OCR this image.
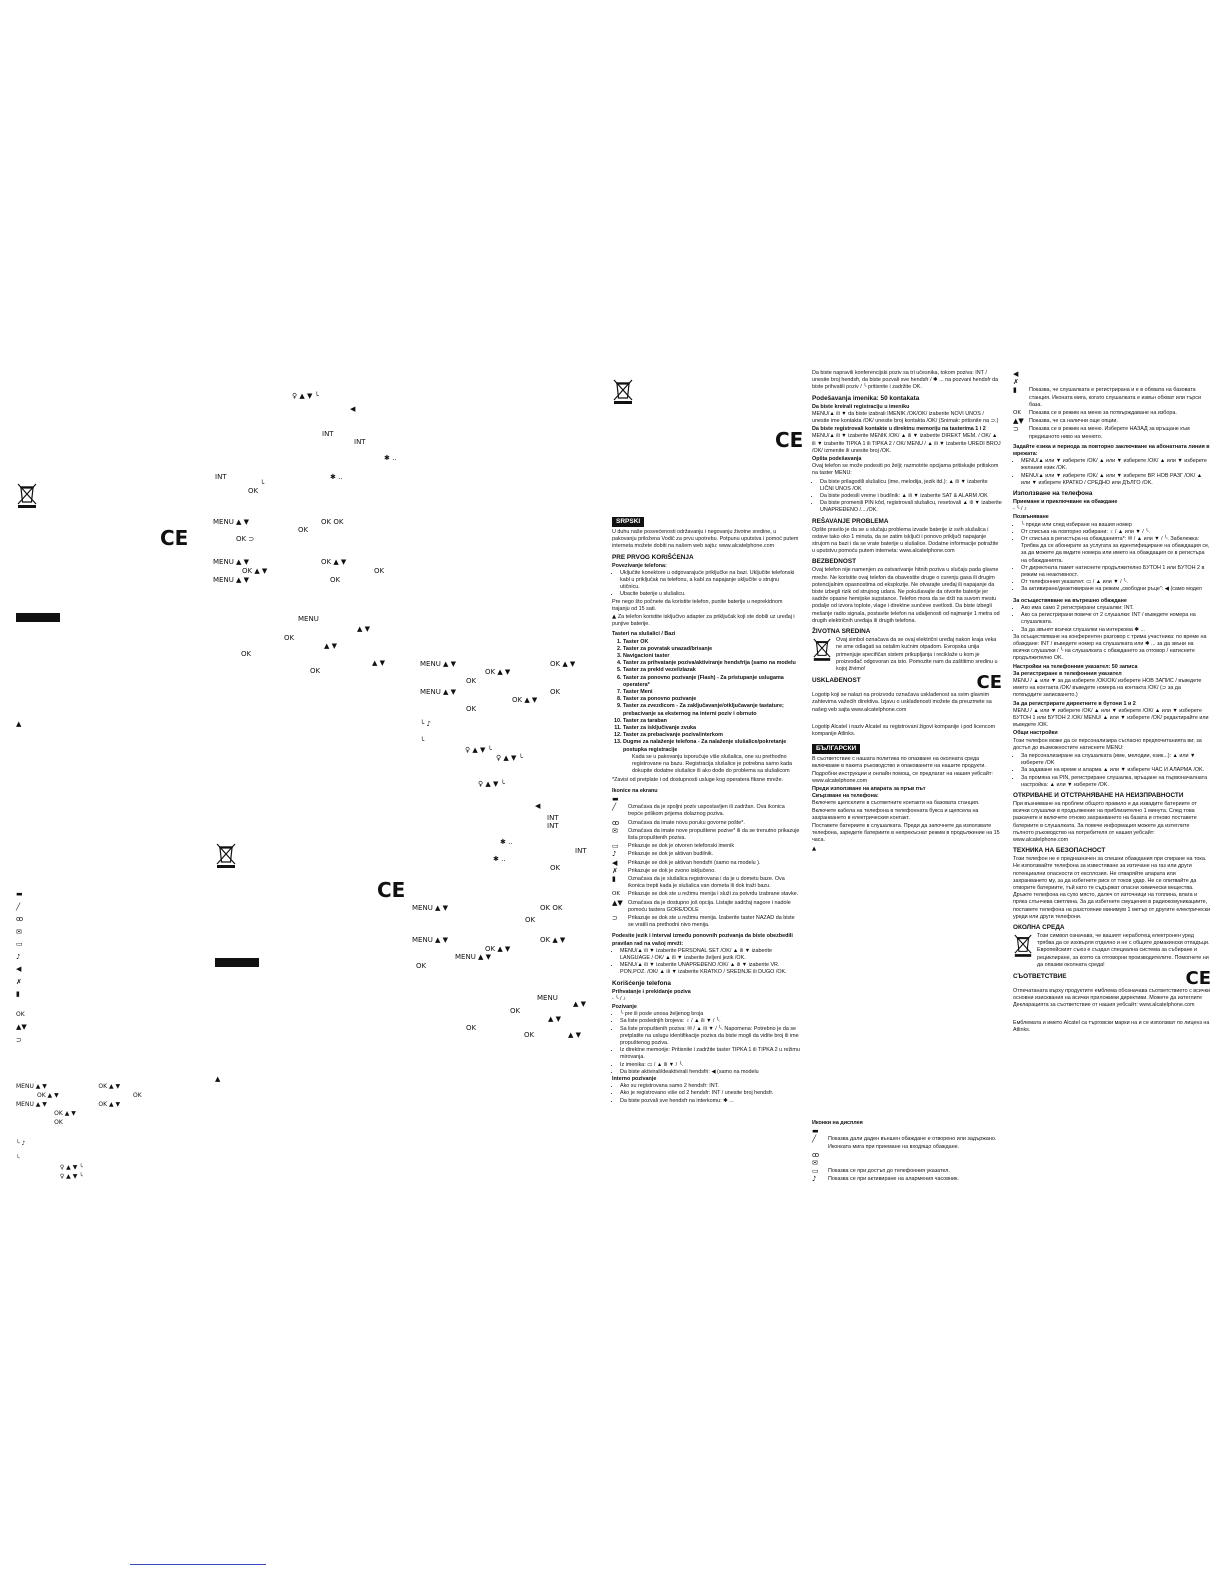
♀ ▲ ▼ ╰
◀
INT
INT
✱ ..
INT
╰
✱ ..
OK
CE
MENU ▲ ▼	OK OK
OK ⊃
OK
MENU ▲ ▼	OK ▲ ▼
OK ▲ ▼	OK
MENU ▲ ▼	OK
MENU
▲ ▼
OK
OK
▲ ▼
▲ ▼
OK
▲
MENU ▲ ▼
OK ▲ ▼
OK ▲ ▼
OK
MENU ▲ ▼
OK ▲ ▼
OK
OK
╰ ♪
╰
♀ ▲ ▼ ╰
♀ ▲ ▼ ╰
♀ ▲ ▼ ╰
◀
INT
INT
✱ ..
INT
✱ ..
OK
CE
MENU ▲ ▼	OK OK
OK
MENU ▲ ▼	OK ▲ ▼
MENU ▲ ▼
OK ▲ ▼
OK
▬
╱
ꝏ
✉
▭
♪
◀
✗
▮
OK
▲▼
⊃
MENU
OK
▲ ▼
OK
▲ ▼
OK	▲ ▼
▲
MENU ▲ ▼                           OK ▲ ▼
OK ▲ ▼                                       OK
MENU ▲ ▼                           OK ▲ ▼
OK ▲ ▼
OK
╰ ♪
╰
♀ ▲ ▼ ╰
♀ ▲ ▼ ╰
CE
SRPSKI

U duhu naše posvećenosti održavanju i negovanju životne sredine, u pakovanju priložena Vodič za prvu upotrebu. Potpunu uputstva i pomoć putem interneta možete dobiti na našem web sajtu: www.alcatelphone.com

PRE PRVOG KORIŠĆENJA
Povezivanje telefona:
• Uključite konektore u odgovarajuće priključke na bazi. Uključite telefonski kabl u priključak na telefonu, a kabl za napajanje uključite u strujnu utičnicu.
• Ubacite baterije u slušalicu.

Pre nego što počnete da koristite telefon, punite baterije u neprekidnom trajanju od 15 sati.

▲ Za telefon koristite isključivo adapter za priključak koji ste dobili uz uređaj i punjive baterije.

Tasteri na slušalici / Bazi
1. Taster OK
2. Taster za povratak unazad/brisanje
3. Navigacioni taster
4. Taster za prihvatanje poziva/aktiviranje hendsfrija (samo na modelu
5. Taster za prekid veze/izlazak
6. Taster za ponovno pozivanje (Flash) - Za pristupanje uslugama operatera*
7. Taster Meni
8. Taster za ponovno pozivanje
9. Taster za zvezdicom - Za zaključavanje/otključavanje tastature; prebacivanje sa eksternog na interni poziv i obrnuto
10. Taster za taraban
11. Taster za isključivanje zvuka
12. Taster za prebacivanje poziva/interkom
13. Dugme za nalaženje telefona - Za nalaženje slušalice/pokretanje postupka registracije

Kada se u pakovanju isporučuje više slušalica, one su prethodno registrovane na bazu. Registracija slušalice je potrebna samo kada dokupite dodatne slušalice ili ako dođe do problema sa slušalicom

*Zavisi od pretplate i od dostupnosti usluge kog operatera fiksne mreže.

Ikonice na ekranu
▬
╱	Označava da je spoljni poziv uspostavljen ili zadržan. Ova ikonica trepće prilikom prijema dolaznog poziva.
ꝏ	Označava da imate novu poruku govorne pošte*.
✉	Označava da imate nove propuštene pozive* ili da se trenutno prikazuje lista propuštenih poziva.
▭	Prikazuje se dok je otvoren telefonski imenik
♪	Prikazuje se dok je aktivan budilnik.
◀	Prikazuje se dok je aktivan hendsfri (samo na modelu ).
✗	Prikazuje se dok je zvono isključeno.
▮	Označava da je slušalica registrovana i da je u dometu baze. Ova ikonica trepti kada je slušalica van dometa ili dok traži bazu.
OK	Prikazuje se dok ste u režimu menija i služi za potvrdu izabrane stavke.
▲▼ Označava da je dostupno još opcija. Listajte sadržaj nagore i nadole pomoću tastera GORE/DOLE
⊃	Prikazuje se dok ste u režimu menija. Izaberite taster NAZAD da biste se vratili na prethodni nivo menija.
Podesite jezik i interval između ponovnih pozivanja da biste obezbedili pravilan rad na vašoj mreži:
• MENU/▲ ili ▼ izaberite PERSONAL SET /OK/ ▲ ili ▼ izaberite LANGUAGE / OK/ ▲ ili ▼ izaberite željeni jezik /OK.
• MENU/▲ ili ▼ izaberite UNAPREĐENO /OK/ ▲ ili ▼ izaberite VR. PON.POZ. /OK/ ▲ ili ▼ izaberite KRATKO / SREDNJE ili DUGO /OK.
Korišćenje telefona
Prihvatanje i prekidanje poziva

- ╰ / ♪

Pozivanje
• ╰ pre ili posle unosa željenog broja
• Sa liste poslednjih brojeva: ♀ / ▲ ili ▼ / ╰.
• Sa liste propuštenih poziva: ✉ / ▲ ili ▼ / ╰. Napomena: Potrebno je da se pretplatite na uslugu identifikacije poziva da biste mogli da vidite broj ili ime propuštenog poziva.
• Iz direktne memorije: Pritisnite i zadržite taster TIPKA 1 ili TIPKA 2 u režimu mirovanja.
• Iz imenika: ▭ / ▲ ili ▼ / ╰.
• Da biste aktivirali/deaktivirali hendsfri: ◀ (samo na modelu
Interno pozivanje
• Ako su registrovana samo 2 hendsfr: INT.
• Ako je registrovano više od 2 hendsfr: INT / unesite broj hendsfr.
• Da biste pozvali sve hendsfr na interkomu: ✱ ...

Da biste napravili konferencijski poziv sa tri učesnika, tokom poziva: INT / unesite broj hendsfr, da biste pozvali sve hendsfr / ✱ ... na pozvani hendsfr da biste prihvatili poziv / ╰ pritisnite i zadržite OK.

Podešavanja imenika: 50 kontakata
Da biste kreirali registraciju u imeniku

MENU/▲ ili ▼ da biste izabrali IMENIK /OK/OK/ izaberite NOVI UNOS / unesite ime kontakta /OK/ unesite broj kontakta /OK/ (Snimak: pritisnite na ⊃.)

Da biste registrovali kontakte u direktnu memoriju na tasterima 1 i 2

MENU/▲ ili ▼ izaberite MENIK /OK/ ▲ ili ▼ izaberite DIREKT MEM. / OK/ ▲ ili ▼ izaberite TIPKA 1 ili TIPKA 2 / OK/ MENU / ▲ ili ▼ izaberite UREDI BROJ /OK/ izmenite ili unesite broj /OK.

Opšta podešavanja

Ovaj telefon se može podesiti po želji; razmotrite opcijama pritiskajte pritiskom na taster MENU:

• Da biste prilagodili slušalicu (ime, melodija, jezik itd.): ▲ ili ▼ izaberite LIČNI UNOS /OK
• Da biste podesili vreme i budilnik: ▲ ili ▼ izaberite SAT & ALARM /OK
• Da biste promenili PIN kôd, registrovali slušalicu, resetovali ▲ ili ▼ izaberite UNAPREĐENO /..../OK.
REŠAVANJE PROBLEMA

Opšte pravilo je da se u slučaju problema izvade baterije iz svih slušalica i ostave tako oko 1 minuta, da se zatim isključi i ponovo priključi napajanje strujom na bazi i da se vrate baterije u slušalice. Dodatne informacije potražite u uputstvu pomoću putem interneta: www.alcatelphone.com

BEZBEDNOST

Ovaj telefon nije namenjen za ostvarivanje hitnih poziva u slučaju pada glavne mreže. Ne koristite ovaj telefon da obavestite druge o curenju gasa ili drugim potencijalnim opasnostima od eksplozije. Ne otvarajte uređaj ili napajanje da biste izbegli rizik od strujnog udara. Ne pokušavajte da otvorite baterije jer sadrže opasne hemijske supstance. Telefon mora da se drži na suvom mestu podalje od izvora toplote, vlage i direktne sunčeve svetlosti. Da biste izbegli mešanje radio signala, postavite telefon na udaljenosti od najmanje 1 metra od drugih električnih uređaja ili drugih telefona.

ŽIVOTNA SREDINA

Ovaj simbol označava da se ovaj električni uređaj nakon kraja veka ne sme odlagati sa ostalim kućnim otpadom. Evropska unija primenjuje specifičan sistem prikupljanja i reciklaže u kom je proizvođač odgovoran za isto. Pomozite nam da zaštitimo sredinu u kojoj živimo!

USKLAĐENOST	CE

Logotip koji se nalazi na proizvodu označava usklađenost sa svim glavnim zahtevima važećih direktiva. Izjavu o usklađenosti možete da preuzmete sa našeg veb sajta www.alcatelphone.com

Logotip Alcatel i naziv Alcatel su registrovani žigovi kompanije i pod licencom kompanije Atlinks.

БЪЛГАРСКИ

В съответствие с нашата политика по опазване на околната среда включваме в пакета ръководство и опакованите на нашите продукти. Подробни инструкции и онлайн помощ, се предлагат на нашия уебсайт: www.alcatelphone.com

Преди използване на апарата за пръв път
Свързване на телефона:

Включете щепселите в съответните контакти на базовата станция. Включете кабела на телефона в телефонната букса и щепсела на захранването в електрическия контакт.

Поставете батериите в слушалката. Преди да започнете да използвате телефона, заредете батериите в непрекъснат режим в продължение на 15 часа.

▲

Иконки на дисплея
▬
╱	Показва дали даден външен обаждане е отворено или задържано. Иконката мига при приемане на входящо обаждане.
ꝏ
✉
▭	Показва се при достъп до телефонния указател.
♪	Показва се при активиране на алармения часовник.
◀
✗
▮	Показва, че слушалката е регистрирана и е в обхвата на базовата станция. Иконата мига, когато слушалката е извън обхват или търси база.
OK	Показва се в режим на меню за потвърждаване на избора.
▲▼ Показва, че са налични още опции.
⊃	Показва се в режим на меню. Изберете НАЗАД за връщане към предишното ниво на менюто.
Задайте езика и периода за повторно заключване на абонатната линия в мрежата:
• MENU/▲ или ▼ изберете /OK/ ▲ или ▼ изберете /OK/ ▲ или ▼ изберете желания език /OK.
• MENU/▲ или ▼ изберете /OK/ ▲ или ▼ изберете ВР. НОВ РАЗГ /OK/ ▲ или ▼ изберете КРАТКО / СРЕДНО или ДЪЛГО /OK.
Използване на телефона
Приемане и приключване на обаждане

- ╰ / ♪

Позвъняване
• ╰ преди или след избиране на вашия номер
• От списъка на повторно избирани: ♀ / ▲ или ▼ / ╰.
• От списъка в регистъра на обажданията*: ✉ / ▲ или ▼ / ╰. Забележка: Трябва да се абонирате за услугата за идентифициране на обаждащия се, за да можете да видите номера или името на обаждащия се в регистъра на обажданията.
• От директната памет натиснете продължително БУТОН 1 или БУТОН 2 в режим на неактивност.
• От телефонния указател: ▭ / ▲ или ▼ / ╰.
• За активиране/деактивиране на режим „свободни ръце": ◀ (само модел
За осъществяване на вътрешно обаждане
• Ако има само 2 регистрирани слушалки: INT.
• Ако са регистрирани повече от 2 слушалки: INT / въведете номера на слушалката.
• За да звънят всички слушалки на интеркома ✱ ...

За осъществяване на конферентен разговор с трима участника: по време на обаждане: INT / въведете номер на слушалката или ✱ ... за да звъни на всички слушалки / ╰ на слушалката с обаждането за отговор / натиснете продължително OK.

Настройки на телефонния указател: 50 записа
За регистриране в телефонния указател

MENU / ▲ или ▼ за да изберете /OK/OK/ изберете НОВ ЗАПИС / въведете името на контакта /OK/ въведете номера на контакта /OK/ (⊃ за да потвърдите записването.)

За да регистрирате директните в бутони 1 и 2

MENU / ▲ или ▼ изберете /OK/ ▲ или ▼ изберете /OK/ ▲ или ▼ изберете БУТОН 1 или БУТОН 2 /OK/ MENU/ ▲ или ▼ изберете /OK/ редактирайте или въведете /OK.

Общи настройки

Този телефон може да се персонализира съгласно предпочитанията ви; за достъп до възможностите натиснете MENU:

• За персонализиране на слушалката (име, мелодии, език...): ▲ или ▼ изберете /OK
• За задаване на време и аларма ▲ или ▼ изберете ЧАС И АЛАРМА /OK.
• За промяна на PIN, регистриране слушалка, връщане на първоначалната настройка: ▲ или ▼ изберете /OK.
ОТКРИВАНЕ И ОТСТРАНЯВАНЕ НА НЕИЗПРАВНОСТИ

При възникване на проблем общото правило е да извадите батериите от всички слушалки в продължение на приблизително 1 минута. След това разкачете и включете отново захранването на базата и отново поставете батериите в слушалката. За повече информация можете да изтеглите пълното ръководство на потребителя от нашия уебсайт: www.alcatelphone.com

ТЕХНИКА НА БЕЗОПАСНОСТ

Този телефон не е предназначен за спешни обаждания при спиране на тока. Не използвайте телефона за известяване за изтичане на газ или други потенциални опасности от експлозия. Не отваряйте апарата или захранването му, за да избегнете риск от токов удар. Не се опитвайте да отворите батериите, тъй като те съдържат опасни химически вещества. Дръжте телефона на сухо място, далеч от източници на топлина, влага и пряка слънчева светлина. За да избегнете смущения в радиокомуникациите, поставете телефона на разстояние минимум 1 метър от другите електрически уреди или други телефони.

ОКОЛНА СРЕДА

Този символ означава, че вашият неработещ електронен уред трябва да се изхвърля отделно и не с общите домакински отпадъци. Европейският съюз е създал специална система за събиране и рециклиране, за която са отговорни производителите. Помогнете ни да опазим околната среда!

СЪОТВЕТСТВИЕ	CE

Отпечатаната върху продуктите емблема обозначава съответствието с всички основни изисквания на всички приложими директиви. Можете да изтеглите Декларацията за съответствие от нашия уебсайт: www.alcatelphone.com

Емблемата и името Alcatel са търговски марки на и се използват по лиценз на Atlinks.
